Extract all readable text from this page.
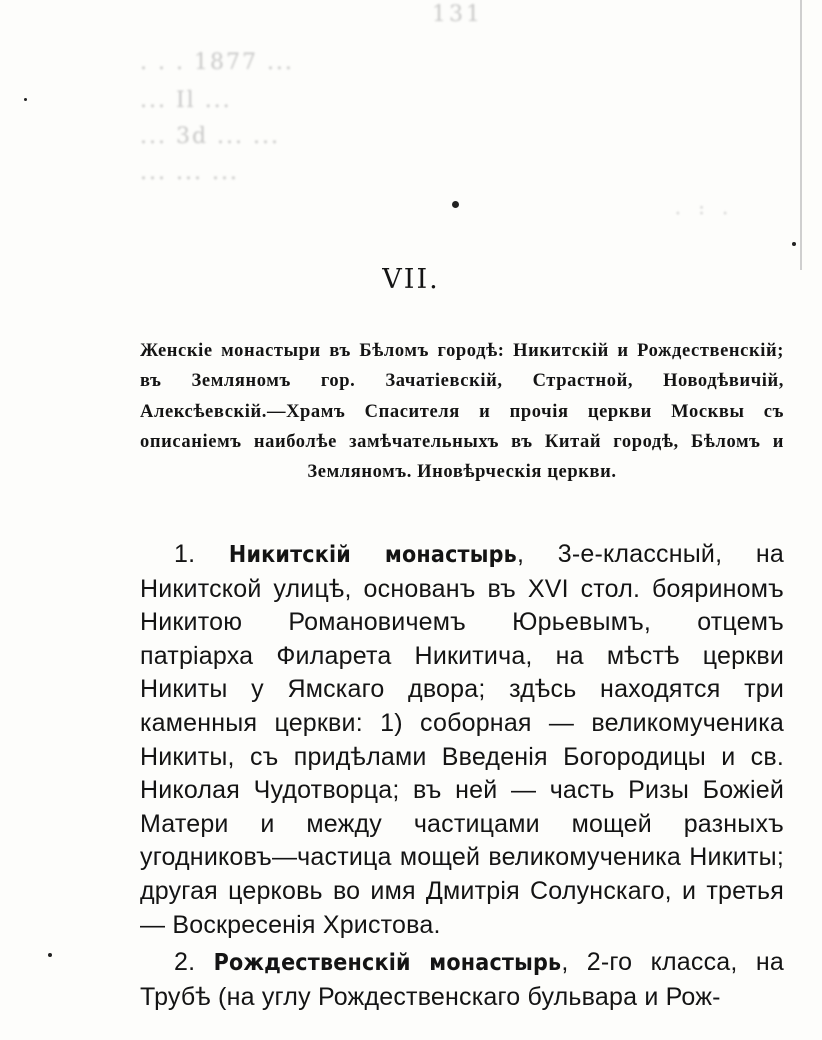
131
. . . 1877 ...
... Il ...
... 3d ... ...
... ... ...
. : .
VII.
Женскіе монастыри въ Бѣломъ городѣ: Никитскій и Рождественскій; въ Земляномъ гор. Зачатіевскій, Страстной, Новодѣвичій, Алексѣевскій.—Храмъ Спасителя и прочія церкви Москвы съ описаніемъ наиболѣе замѣчательныхъ въ Китай городѣ, Бѣломъ и Земляномъ. Иновѣрческія церкви.

1. Никитскій монастырь, 3-е-классный, на Никитской улицѣ, основанъ въ XVI стол. бояриномъ Никитою Романовичемъ Юрьевымъ, отцемъ патріарха Филарета Никитича, на мѣстѣ церкви Никиты у Ямскаго двора; здѣсь находятся три каменныя церкви: 1) соборная — великомученика Никиты, съ придѣлами Введенія Богородицы и св. Николая Чудотворца; въ ней — часть Ризы Божіей Матери и между частицами мощей разныхъ угодниковъ—частица мощей великомученика Никиты; другая церковь во имя Дмитрія Солунскаго, и третья — Воскресенія Христова.

2. Рождественскій монастырь, 2-го класса, на Трубѣ (на углу Рождественскаго бульвара и Рож-
